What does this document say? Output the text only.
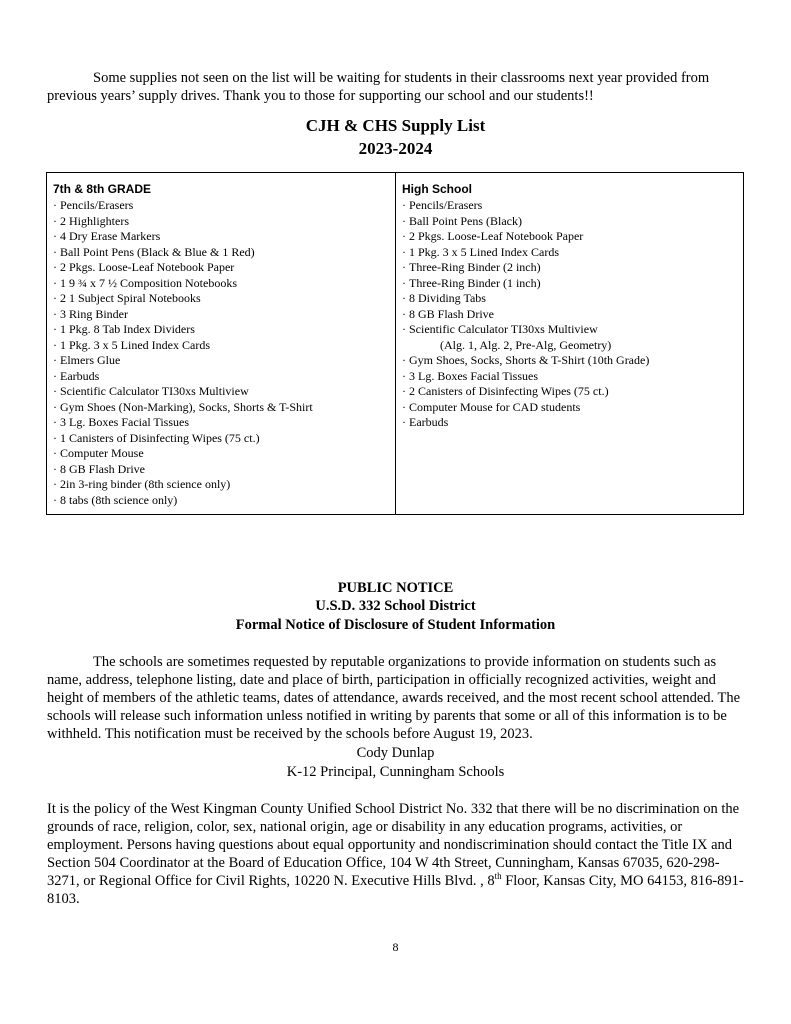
Some supplies not seen on the list will be waiting for students in their classrooms next year provided from previous years’ supply drives. Thank you to those for supporting our school and our students!!

CJH & CHS Supply List

2023-2024

7th & 8th GRADE

· Pencils/Erasers
· 2 Highlighters
· 4 Dry Erase Markers
· Ball Point Pens (Black & Blue & 1 Red)
· 2 Pkgs. Loose-Leaf Notebook Paper
· 1 9 ¾ x 7 ½ Composition Notebooks
· 2 1 Subject Spiral Notebooks
· 3 Ring Binder
· 1 Pkg. 8 Tab Index Dividers
· 1 Pkg. 3 x 5 Lined Index Cards
· Elmers Glue
· Earbuds
· Scientific Calculator TI30xs Multiview
· Gym Shoes (Non-Marking), Socks, Shorts & T-Shirt
· 3 Lg. Boxes Facial Tissues
· 1 Canisters of Disinfecting Wipes (75 ct.)
· Computer Mouse
· 8 GB Flash Drive
· 2in 3-ring binder (8th science only)
· 8 tabs (8th science only)

High School

· Pencils/Erasers
· Ball Point Pens (Black)
· 2 Pkgs. Loose-Leaf Notebook Paper
· 1 Pkg. 3 x 5 Lined Index Cards
· Three-Ring Binder (2 inch)
· Three-Ring Binder (1 inch)
· 8 Dividing Tabs
· 8 GB Flash Drive
· Scientific Calculator TI30xs Multiview
(Alg. 1, Alg. 2, Pre-Alg, Geometry)
· Gym Shoes, Socks, Shorts & T-Shirt (10th Grade)
· 3 Lg. Boxes Facial Tissues
· 2 Canisters of Disinfecting Wipes (75 ct.)
· Computer Mouse for CAD students
· Earbuds

PUBLIC NOTICE

U.S.D. 332 School District

Formal Notice of Disclosure of Student Information

The schools are sometimes requested by reputable organizations to provide information on students such as name, address, telephone listing, date and place of birth, participation in officially recognized activities, weight and height of members of the athletic teams, dates of attendance, awards received, and the most recent school attended. The schools will release such information unless notified in writing by parents that some or all of this information is to be withheld. This notification must be received by the schools before August 19, 2023.

Cody Dunlap

K-12 Principal, Cunningham Schools

It is the policy of the West Kingman County Unified School District No. 332 that there will be no discrimination on the grounds of race, religion, color, sex, national origin, age or disability in any education programs, activities, or employment. Persons having questions about equal opportunity and nondiscrimination should contact the Title IX and Section 504 Coordinator at the Board of Education Office, 104 W 4th Street, Cunningham, Kansas 67035, 620-298-3271, or Regional Office for Civil Rights, 10220 N. Executive Hills Blvd. , 8th Floor, Kansas City, MO 64153, 816-891-8103.

8
